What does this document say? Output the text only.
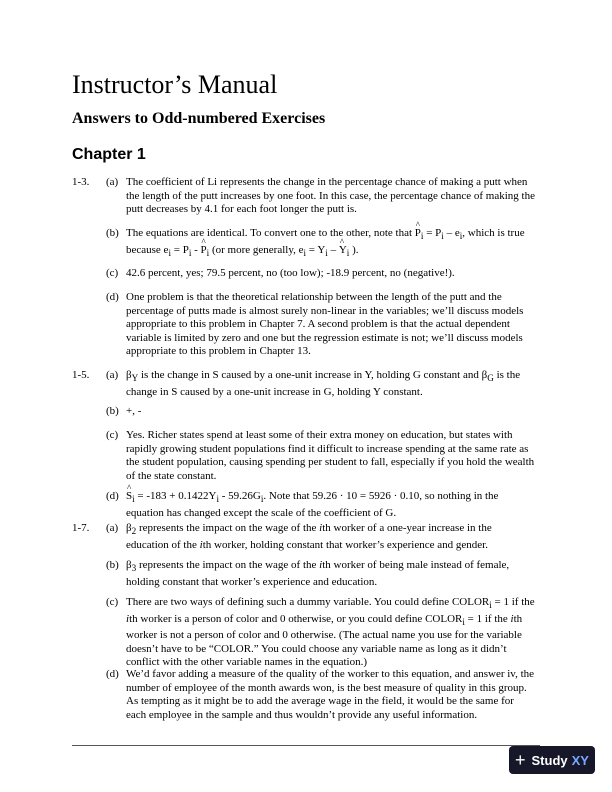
Instructor’s Manual
Answers to Odd-numbered Exercises
Chapter 1
1-3. (a) The coefficient of Li represents the change in the percentage chance of making a putt when the length of the putt increases by one foot. In this case, the percentage chance of making the putt decreases by 4.1 for each foot longer the putt is.
(b) The equations are identical. To convert one to the other, note that ^ $P_i = P_i - e_i$, which is true because $e_i = P_i$ - ^ $P_i$ (or more generally, $e_i = Y_i$ – ^ $Y_i$ ).
(c) 42.6 percent, yes; 79.5 percent, no (too low); -18.9 percent, no (negative!).
(d) One problem is that the theoretical relationship between the length of the putt and the percentage of putts made is almost surely non-linear in the variables; we’ll discuss models appropriate to this problem in Chapter 7. A second problem is that the actual dependent variable is limited by zero and one but the regression estimate is not; we’ll discuss models appropriate to this problem in Chapter 13.
1-5. (a) $\beta_Y$ is the change in S caused by a one-unit increase in Y, holding G constant and $\beta_G$ is the change in S caused by a one-unit increase in G, holding Y constant.
(b) +, -
(c) Yes. Richer states spend at least some of their extra money on education, but states with rapidly growing student populations find it difficult to increase spending at the same rate as the student population, causing spending per student to fall, especially if you hold the wealth of the state constant.
(d) ^ $S_i = -183 + 0.1422Y_i - 59.26G_i$. Note that 59.26 · 10 = 5926 · 0.10, so nothing in the equation has changed except the scale of the coefficient of G.
1-7. (a) $\beta_2$ represents the impact on the wage of the ith worker of a one-year increase in the education of the ith worker, holding constant that worker’s experience and gender.
(b) $\beta_3$ represents the impact on the wage of the ith worker of being male instead of female, holding constant that worker’s experience and education.
(c) There are two ways of defining such a dummy variable. You could define $COLOR_i = 1$ if the ith worker is a person of color and 0 otherwise, or you could define $COLOR_i = 1$ if the ith worker is not a person of color and 0 otherwise. (The actual name you use for the variable doesn’t have to be “COLOR.” You could choose any variable name as long as it didn’t conflict with the other variable names in the equation.)
(d) We’d favor adding a measure of the quality of the worker to this equation, and answer iv, the number of employee of the month awards won, is the best measure of quality in this group. As tempting as it might be to add the average wage in the field, it would be the same for each employee in the sample and thus wouldn’t provide any useful information.
+ Study XY
